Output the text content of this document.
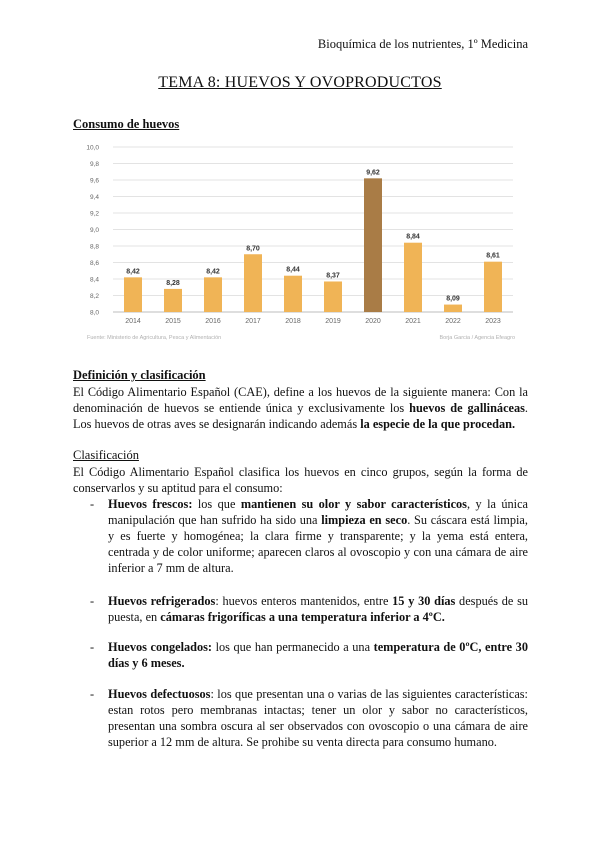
Bioquímica de los nutrientes, 1º Medicina
TEMA 8: HUEVOS Y OVOPRODUCTOS
Consumo de huevos
8,0
8,2
8,4
8,6
8,8
9,0
9,2
9,4
9,6
9,8
10,0
8,42
2014
8,28
2015
8,42
2016
8,70
2017
8,44
2018
8,37
2019
9,62
2020
8,84
2021
8,09
2022
8,61
2023
Fuente: Ministerio de Agricultura, Pesca y Alimentación	Borja Garcia / Agencia Efeagro
Definición y clasificación
El Código Alimentario Español (CAE), define a los huevos de la siguiente manera: Con la denominación de huevos se entiende única y exclusivamente los huevos de gallináceas. Los huevos de otras aves se designarán indicando además la especie de la que procedan.
Clasificación
El Código Alimentario Español clasifica los huevos en cinco grupos, según la forma de conservarlos y su aptitud para el consumo:
- Huevos frescos: los que mantienen su olor y sabor característicos, y la única manipulación que han sufrido ha sido una limpieza en seco. Su cáscara está limpia, y es fuerte y homogénea; la clara firme y transparente; y la yema está entera, centrada y de color uniforme; aparecen claros al ovoscopio y con una cámara de aire inferior a 7 mm de altura.
- Huevos refrigerados: huevos enteros mantenidos, entre 15 y 30 días después de su puesta, en cámaras frigoríficas a una temperatura inferior a 4ºC.
- Huevos congelados: los que han permanecido a una temperatura de 0ºC, entre 30 días y 6 meses.
- Huevos defectuosos: los que presentan una o varias de las siguientes características: estan rotos pero membranas intactas; tener un olor y sabor no característicos, presentan una sombra oscura al ser observados con ovoscopio o una cámara de aire superior a 12 mm de altura. Se prohibe su venta directa para consumo humano.
